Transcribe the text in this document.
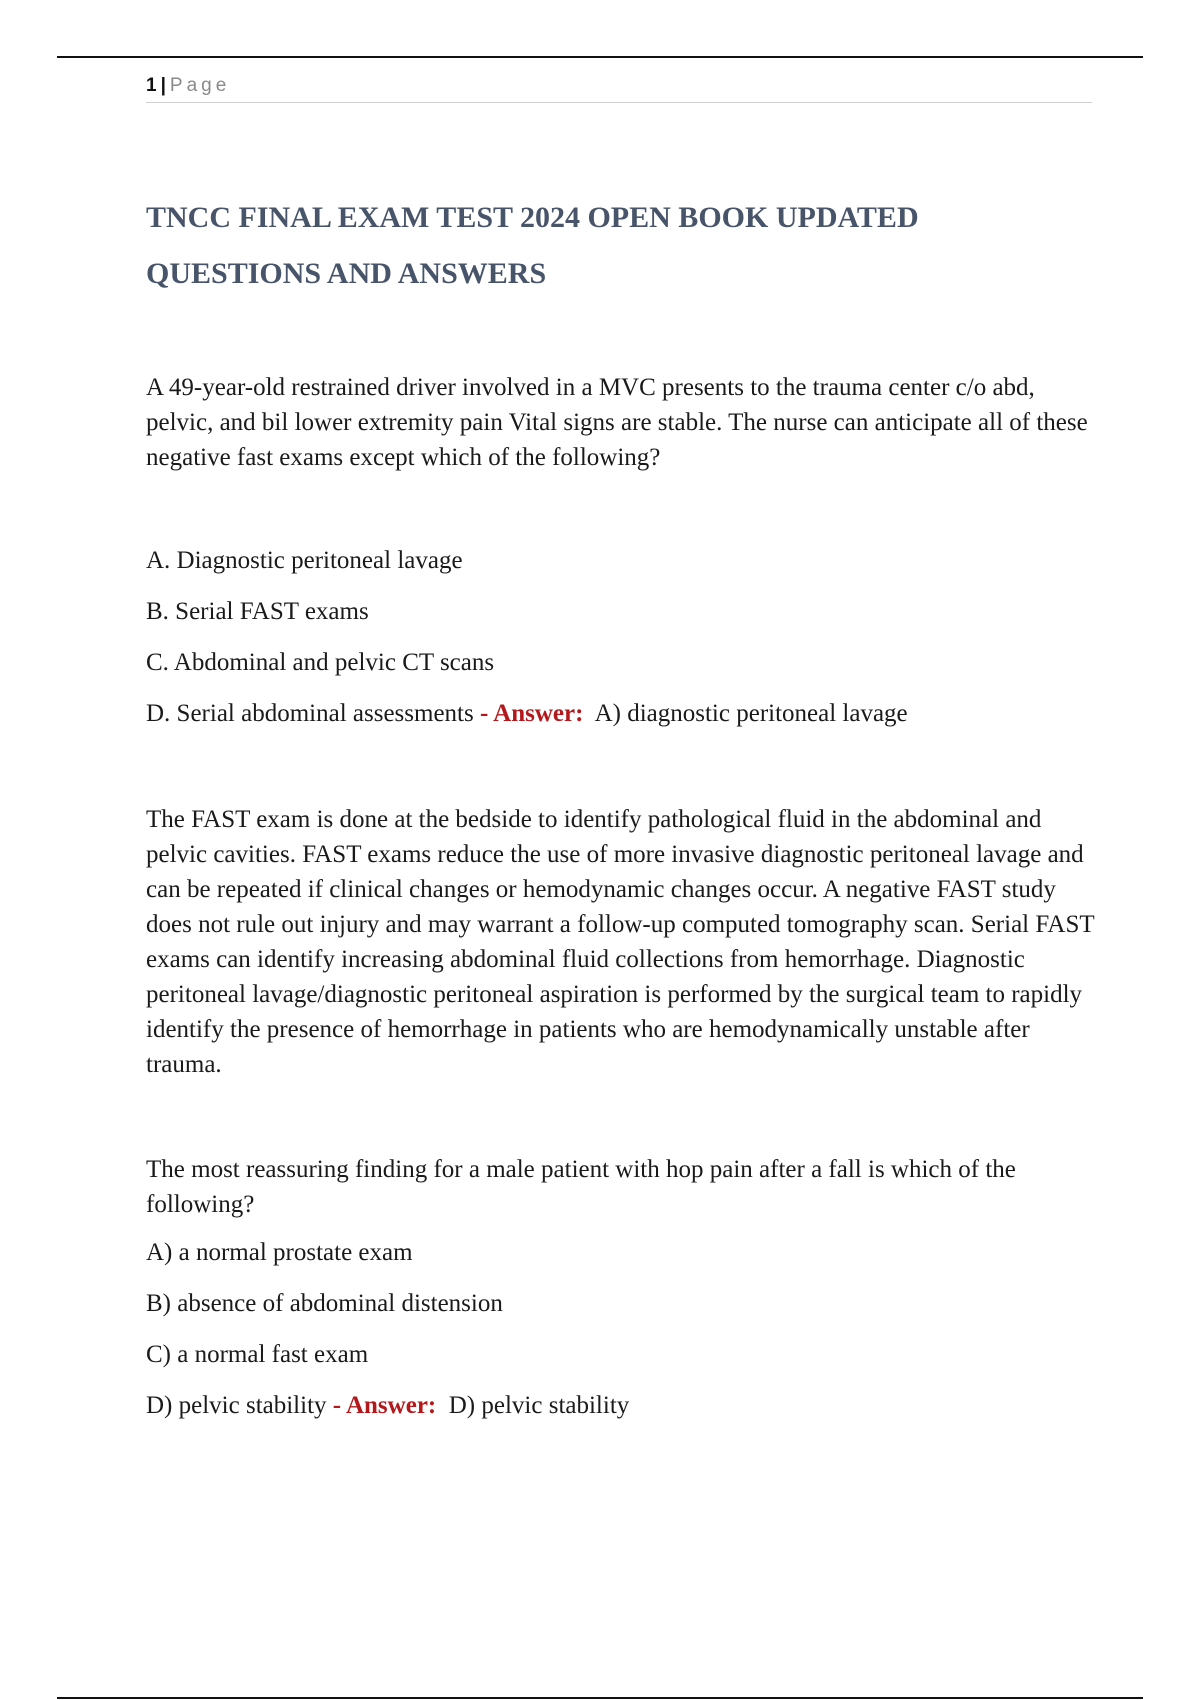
1 | Page
TNCC FINAL EXAM TEST 2024 OPEN BOOK UPDATED
QUESTIONS AND ANSWERS

A 49-year-old restrained driver involved in a MVC presents to the trauma center c/o abd, pelvic, and bil lower extremity pain Vital signs are stable. The nurse can anticipate all of these negative fast exams except which of the following?

A. Diagnostic peritoneal lavage

B. Serial FAST exams

C. Abdominal and pelvic CT scans

D. Serial abdominal assessments - Answer: A) diagnostic peritoneal lavage

The FAST exam is done at the bedside to identify pathological fluid in the abdominal and pelvic cavities. FAST exams reduce the use of more invasive diagnostic peritoneal lavage and can be repeated if clinical changes or hemodynamic changes occur. A negative FAST study does not rule out injury and may warrant a follow-up computed tomography scan. Serial FAST exams can identify increasing abdominal fluid collections from hemorrhage. Diagnostic peritoneal lavage/diagnostic peritoneal aspiration is performed by the surgical team to rapidly identify the presence of hemorrhage in patients who are hemodynamically unstable after trauma.

The most reassuring finding for a male patient with hop pain after a fall is which of the following?

A) a normal prostate exam

B) absence of abdominal distension

C) a normal fast exam

D) pelvic stability - Answer: D) pelvic stability
